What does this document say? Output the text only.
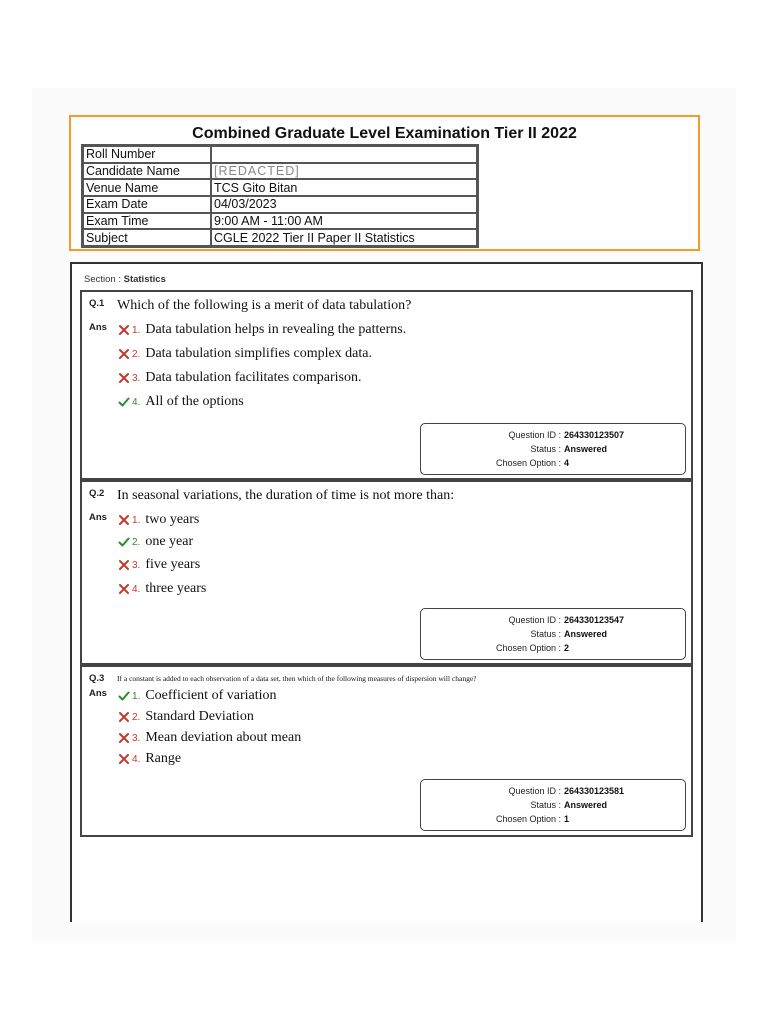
Combined Graduate Level Examination Tier II 2022
Roll Number	
Candidate Name	[REDACTED]
Venue Name	TCS Gito Bitan
Exam Date	04/03/2023
Exam Time	9:00 AM - 11:00 AM
Subject	CGLE 2022 Tier II Paper II Statistics
Section : Statistics
Q.1 Which of the following is a merit of data tabulation?
Ans	1. Data tabulation helps in revealing the patterns.
2. Data tabulation simplifies complex data.
3. Data tabulation facilitates comparison.
4. All of the options
Question ID : 264330123507
Status : Answered
Chosen Option : 4
Q.2 In seasonal variations, the duration of time is not more than:
Ans	1. two years
2. one year
3. five years
4. three years
Question ID : 264330123547
Status : Answered
Chosen Option : 2
Q.3 If a constant is added to each observation of a data set, then which of the following measures of dispersion will change?
Ans	1. Coefficient of variation
2. Standard Deviation
3. Mean deviation about mean
4. Range
Question ID : 264330123581
Status : Answered
Chosen Option : 1
